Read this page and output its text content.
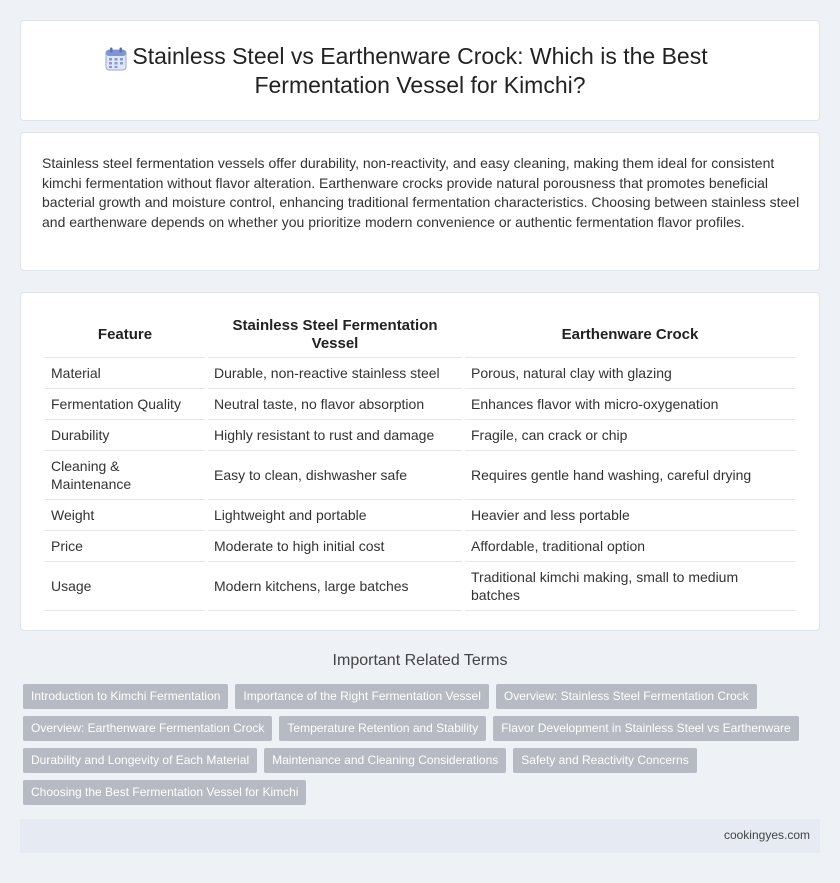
Stainless Steel vs Earthenware Crock: Which is the Best Fermentation Vessel for Kimchi?

Stainless steel fermentation vessels offer durability, non-reactivity, and easy cleaning, making them ideal for consistent kimchi fermentation without flavor alteration. Earthenware crocks provide natural porousness that promotes beneficial bacterial growth and moisture control, enhancing traditional fermentation characteristics. Choosing between stainless steel and earthenware depends on whether you prioritize modern convenience or authentic fermentation flavor profiles.

Feature	Stainless Steel Fermentation Vessel	Earthenware Crock
Material	Durable, non-reactive stainless steel	Porous, natural clay with glazing
Fermentation Quality	Neutral taste, no flavor absorption	Enhances flavor with micro-oxygenation
Durability	Highly resistant to rust and damage	Fragile, can crack or chip
Cleaning & Maintenance	Easy to clean, dishwasher safe	Requires gentle hand washing, careful drying
Weight	Lightweight and portable	Heavier and less portable
Price	Moderate to high initial cost	Affordable, traditional option
Usage	Modern kitchens, large batches	Traditional kimchi making, small to medium batches
Important Related Terms
Introduction to Kimchi Fermentation	Importance of the Right Fermentation Vessel	Overview: Stainless Steel Fermentation Crock
Overview: Earthenware Fermentation Crock	Temperature Retention and Stability	Flavor Development in Stainless Steel vs Earthenware
Durability and Longevity of Each Material	Maintenance and Cleaning Considerations	Safety and Reactivity Concerns
Choosing the Best Fermentation Vessel for Kimchi
cookingyes.com
